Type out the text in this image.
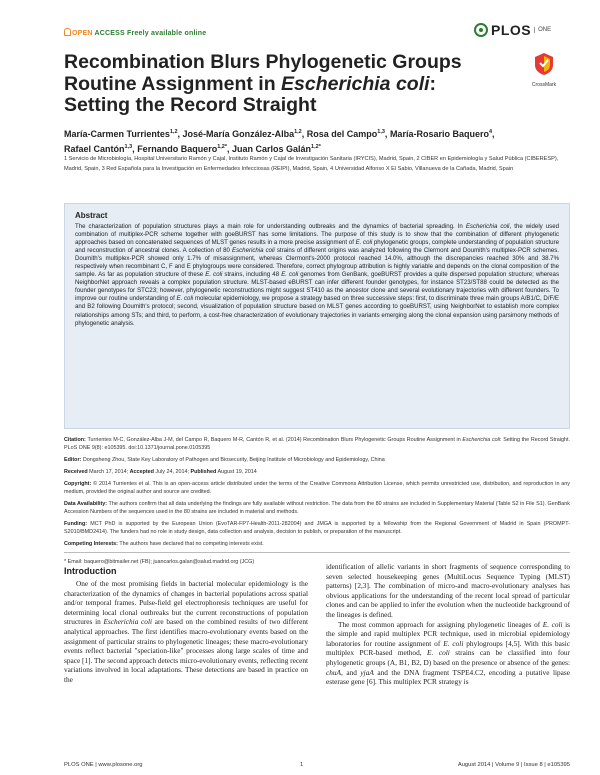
OPEN ACCESS Freely available online	PLOS	ONE
Recombination Blurs Phylogenetic Groups Routine Assignment in Escherichia coli: Setting the Record Straight
CrossMark
María-Carmen Turrientes$^{1,2}$, José-María González-Alba$^{1,2}$, Rosa del Campo$^{1,3}$, María-Rosario Baquero$^4$,
Rafael Cantón$^{1,3}$, Fernando Baquero$^{1,2*}$, Juan Carlos Galán$^{1,2*}$
1 Servicio de Microbiología, Hospital Universitario Ramón y Cajal, Instituto Ramón y Cajal de Investigación Sanitaria (IRYCIS), Madrid, Spain, 2 CIBER en Epidemiología y Salud Pública (CIBERESP), Madrid, Spain, 3 Red Española para la Investigación en Enfermedades Infecciosas (REIPI), Madrid, Spain, 4 Universidad Alfonso X El Sabio, Villanueva de la Cañada, Madrid, Spain
Abstract

The characterization of population structures plays a main role for understanding outbreaks and the dynamics of bacterial spreading. In Escherichia coli, the widely used combination of multiplex-PCR scheme together with goeBURST has some limitations. The purpose of this study is to show that the combination of different phylogenetic approaches based on concatenated sequences of MLST genes results in a more precise assignment of E. coli phylogenetic groups, complete understanding of population structure and reconstruction of ancestral clones. A collection of 80 Escherichia coli strains of different origins was analyzed following the Clermont and Doumith's multiplex-PCR schemes. Doumith's multiplex-PCR showed only 1.7% of misassignment, whereas Clermont's-2000 protocol reached 14.0%, although the discrepancies reached 30% and 38.7% respectively when recombinant C, F and E phylogroups were considered. Therefore, correct phylogroup attribution is highly variable and depends on the clonal composition of the sample. As far as population structure of these E. coli strains, including 48 E. coli genomes from GenBank, goeBURST provides a quite dispersed population structure; whereas NeighborNet approach reveals a complex population structure. MLST-based eBURST can infer different founder genotypes, for instance ST23/ST88 could be detected as the founder genotypes for STC23; however, phylogenetic reconstructions might suggest ST410 as the ancestor clone and several evolutionary trajectories with different founders. To improve our routine understanding of E. coli molecular epidemiology, we propose a strategy based on three successive steps: first, to discriminate three main groups A/B1/C, D/F/E and B2 following Doumith's protocol; second, visualization of population structure based on MLST genes according to goeBURST, using NeighborNet to establish more complex relationships among STs; and third, to perform, a cost-free characterization of evolutionary trajectories in variants emerging along the clonal expansion using parsimony methods of phylogenetic analysis.

Citation: Turrientes M-C, González-Alba J-M, del Campo R, Baquero M-R, Cantón R, et al. (2014) Recombination Blurs Phylogenetic Groups Routine Assignment in Escherichia coli: Setting the Record Straight. PLoS ONE 9(8): e105395. doi:10.1371/journal.pone.0105395
Editor: Dongsheng Zhou, State Key Laboratory of Pathogen and Biosecurity, Beijing Institute of Microbiology and Epidemiology, China
Received March 17, 2014; Accepted July 24, 2014; Published August 19, 2014
Copyright: © 2014 Turrientes et al. This is an open-access article distributed under the terms of the Creative Commons Attribution License, which permits unrestricted use, distribution, and reproduction in any medium, provided the original author and source are credited.
Data Availability: The authors confirm that all data underlying the findings are fully available without restriction. The data from the 80 strains are included in Supplementary Material (Table S2 in File S1). GenBank Accession Numbers of the sequences used in the 80 strains are included in material and methods.
Funding: MCT PhD is supported by the European Union (EvoTAR-FP7-Health-2011-282004) and JMGA is supported by a fellowship from the Regional Government of Madrid in Spain (PROMPT-S2010/BMD2414). The funders had no role in study design, data collection and analysis, decision to publish, or preparation of the manuscript.
Competing Interests: The authors have declared that no competing interests exist.
* Email: baquero@bitmailer.net (FB); juancarlos.galan@salud.madrid.org (JCG)
Introduction
One of the most promising fields in bacterial molecular epidemiology is the characterization of the dynamics of changes in bacterial populations across spatial and/or temporal frames. Pulse-field gel electrophoresis techniques are useful for determining local clonal outbreaks but the current reconstructions of population structures in Escherichia coli are based on the combined results of two different analytical approaches. The first identifies macro-evolutionary events based on the assignment of particular strains to phylogenetic lineages; these macro-evolutionary events reflect bacterial "speciation-like" processes along large scales of time and space [1]. The second approach detects micro-evolutionary events, reflecting recent variations involved in local adaptations. These detections are based in practice on the
identification of allelic variants in short fragments of sequence corresponding to seven selected housekeeping genes (MultiLocus Sequence Typing (MLST) patterns) [2,3]. The combination of micro-and macro-evolutionary analyses has obvious applications for the understanding of the recent local spread of particular clones and can be applied to infer the evolution when the nucleotide background of the lineages is defined.
The most common approach for assigning phylogenetic lineages of E. coli is the simple and rapid multiplex PCR technique, used in microbial epidemiology laboratories for routine assignment of E. coli phylogroups [4,5]. With this basic multiplex PCR-based method, E. coli strains can be classified into four phylogenetic groups (A, B1, B2, D) based on the presence or absence of the genes: chuA, and yjaA and the DNA fragment TSPE4.C2, encoding a putative lipase esterase gene [6]. This multiplex PCR strategy is
PLOS ONE | www.plosone.org	1	August 2014 | Volume 9 | Issue 8 | e105395
